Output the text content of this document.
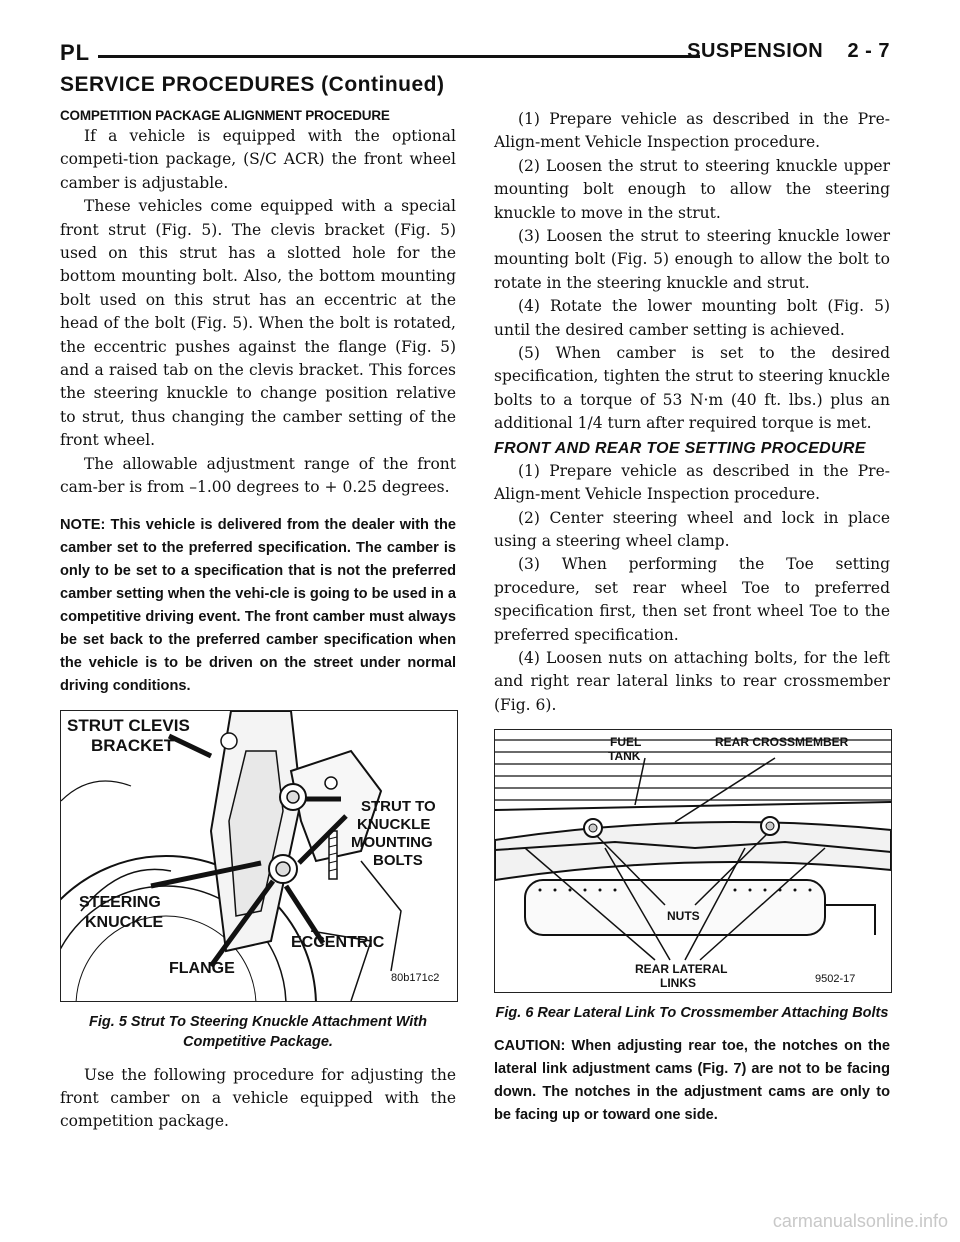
PL	SUSPENSION    2 - 7
SERVICE PROCEDURES (Continued)
COMPETITION PACKAGE ALIGNMENT PROCEDURE

If a vehicle is equipped with the optional competi-tion package, (S/C ACR) the front wheel camber is adjustable.

These vehicles come equipped with a special front strut (Fig. 5). The clevis bracket (Fig. 5) used on this strut has a slotted hole for the bottom mounting bolt. Also, the bottom mounting bolt used on this strut has an eccentric at the head of the bolt (Fig. 5). When the bolt is rotated, the eccentric pushes against the flange (Fig. 5) and a raised tab on the clevis bracket. This forces the steering knuckle to change position relative to strut, thus changing the camber setting of the front wheel.

The allowable adjustment range of the front cam-ber is from –1.00 degrees to + 0.25 degrees.

NOTE: This vehicle is delivered from the dealer with the camber set to the preferred specification. The camber is only to be set to a specification that is not the preferred camber setting when the vehi-cle is going to be used in a competitive driving event. The front camber must always be set back to the preferred camber specification when the vehicle is to be driven on the street under normal driving conditions.

STRUT CLEVIS
BRACKET
STRUT TO
KNUCKLE
MOUNTING
BOLTS
STEERING
KNUCKLE
FLANGE
ECCENTRIC
80b171c2
Fig. 5 Strut To Steering Knuckle Attachment With Competitive Package.

Use the following procedure for adjusting the front camber on a vehicle equipped with the competition package.

(1) Prepare vehicle as described in the Pre-Align-ment Vehicle Inspection procedure.

(2) Loosen the strut to steering knuckle upper mounting bolt enough to allow the steering knuckle to move in the strut.

(3) Loosen the strut to steering knuckle lower mounting bolt (Fig. 5) enough to allow the bolt to rotate in the steering knuckle and strut.

(4) Rotate the lower mounting bolt (Fig. 5) until the desired camber setting is achieved.

(5) When camber is set to the desired specification, tighten the strut to steering knuckle bolts to a torque of 53 N·m (40 ft. lbs.) plus an additional 1/4 turn after required torque is met.

FRONT AND REAR TOE SETTING PROCEDURE

(1) Prepare vehicle as described in the Pre-Align-ment Vehicle Inspection procedure.

(2) Center steering wheel and lock in place using a steering wheel clamp.

(3) When performing the Toe setting procedure, set rear wheel Toe to preferred specification first, then set front wheel Toe to the preferred specification.

(4) Loosen nuts on attaching bolts, for the left and right rear lateral links to rear crossmember (Fig. 6).

FUEL
TANK
REAR CROSSMEMBER
NUTS
REAR LATERAL
LINKS	9502-17
Fig. 6 Rear Lateral Link To Crossmember Attaching Bolts

CAUTION: When adjusting rear toe, the notches on the lateral link adjustment cams (Fig. 7) are not to be facing down. The notches in the adjustment cams are only to be facing up or toward one side.

carmanualsonline.info
